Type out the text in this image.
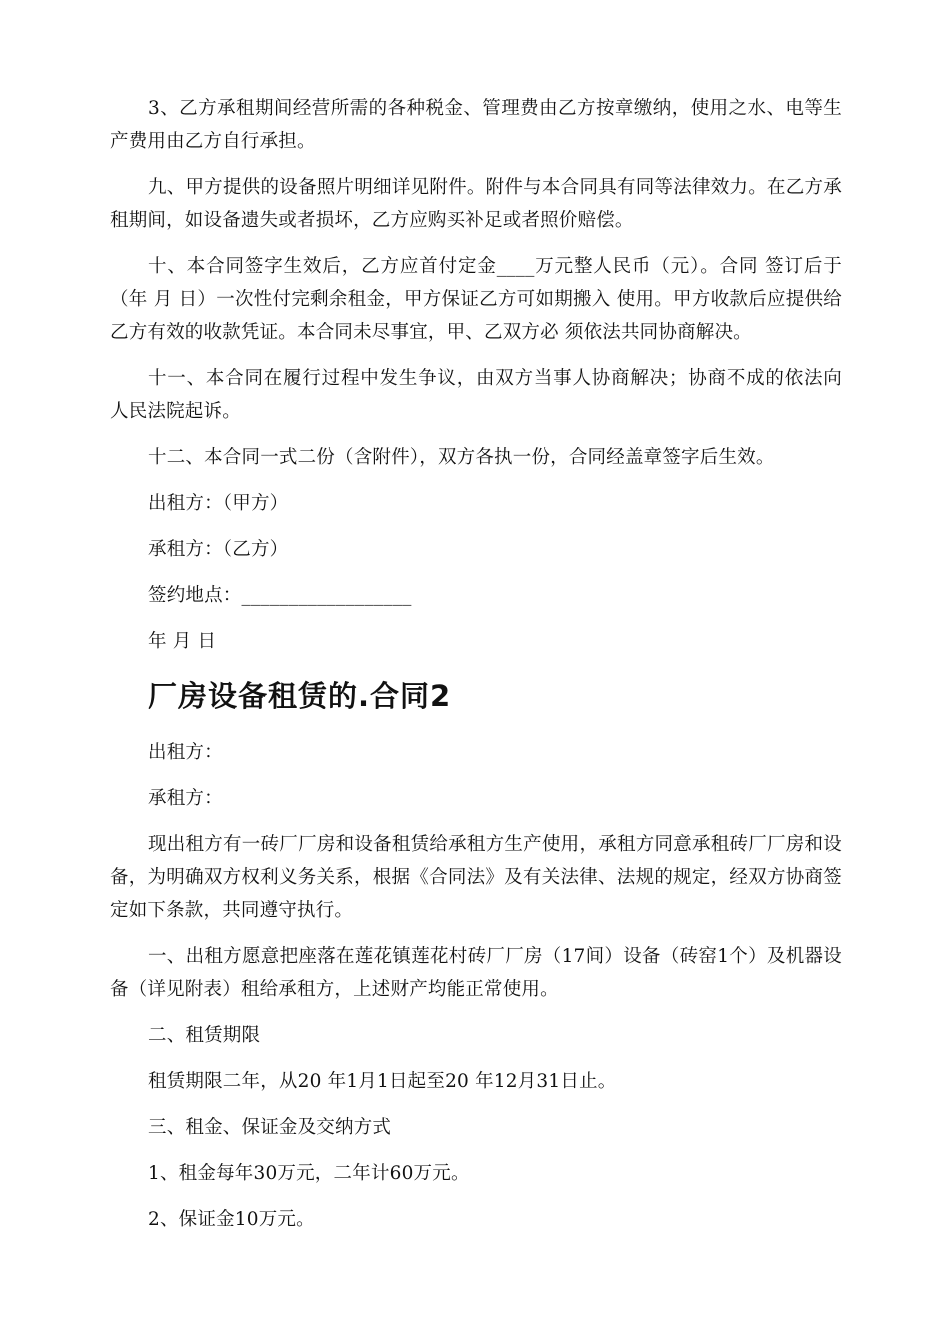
3、乙方承租期间经营所需的各种税金、管理费由乙方按章缴纳，使用之水、电等生产费用由乙方自行承担。

九、甲方提供的设备照片明细详见附件。附件与本合同具有同等法律效力。在乙方承租期间，如设备遗失或者损坏，乙方应购买补足或者照价赔偿。

十、本合同签字生效后，乙方应首付定金____万元整人民币（元）。合同 签订后于（年 月 日）一次性付完剩余租金，甲方保证乙方可如期搬入 使用。甲方收款后应提供给乙方有效的收款凭证。本合同未尽事宜，甲、乙双方必 须依法共同协商解决。

十一、本合同在履行过程中发生争议，由双方当事人协商解决；协商不成的依法向 人民法院起诉。

十二、本合同一式二份（含附件），双方各执一份，合同经盖章签字后生效。

出租方：（甲方）

承租方：（乙方）

签约地点：__________________

年 月 日

厂房设备租赁的.合同2

出租方：

承租方：

现出租方有一砖厂厂房和设备租赁给承租方生产使用，承租方同意承租砖厂厂房和设备，为明确双方权利义务关系，根据《合同法》及有关法律、法规的规定，经双方协商签定如下条款，共同遵守执行。

一、出租方愿意把座落在莲花镇莲花村砖厂厂房（17间）设备（砖窑1个）及机器设备（详见附表）租给承租方，上述财产均能正常使用。

二、租赁期限

租赁期限二年，从20 年1月1日起至20 年12月31日止。

三、租金、保证金及交纳方式

1、租金每年30万元，二年计60万元。

2、保证金10万元。
